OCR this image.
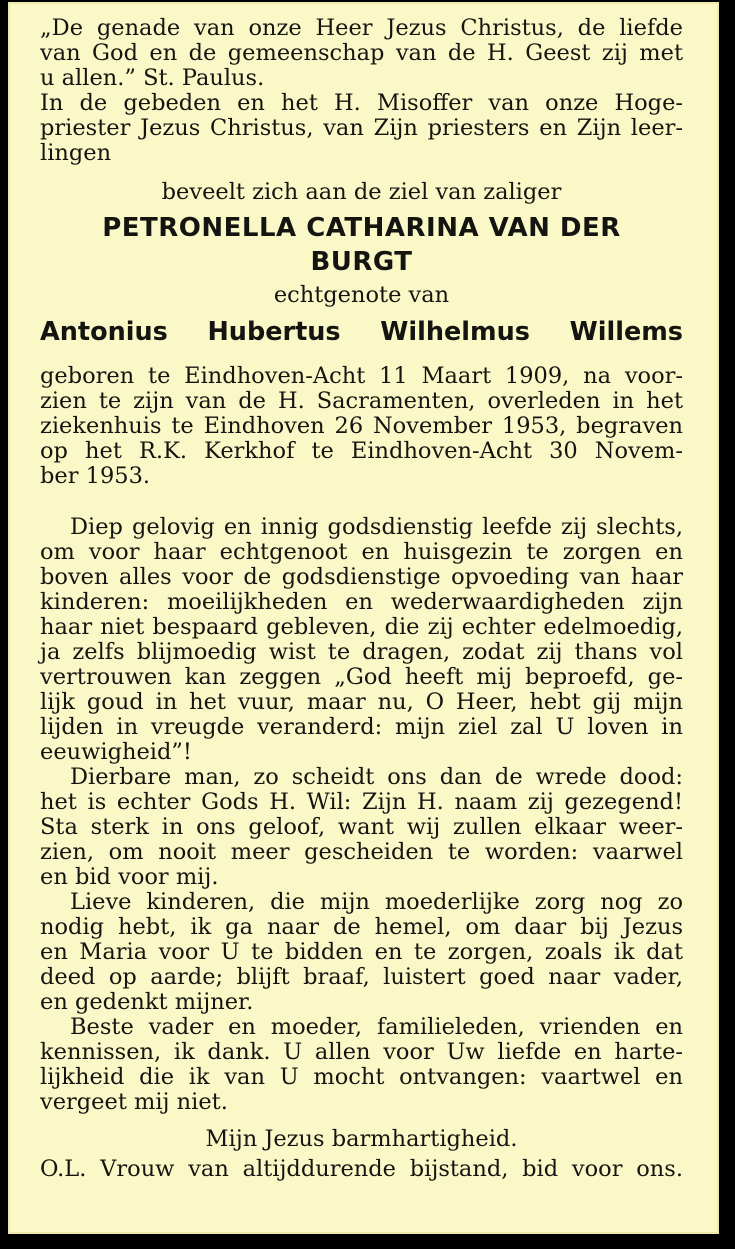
„De genade van onze Heer Jezus Christus, de liefde
van God en de gemeenschap van de H. Geest zij met
u allen.” St. Paulus.
In de gebeden en het H. Misoffer van onze Hoge-
priester Jezus Christus, van Zijn priesters en Zijn leer-
lingen
beveelt zich aan de ziel van zaliger
PETRONELLA CATHARINA VAN DER
BURGT
echtgenote van
Antonius Hubertus Wilhelmus Willems
geboren te Eindhoven-Acht 11 Maart 1909, na voor-
zien te zijn van de H. Sacramenten, overleden in het
ziekenhuis te Eindhoven 26 November 1953, begraven
op het R.K. Kerkhof te Eindhoven-Acht 30 Novem-
ber 1953.
Diep gelovig en innig godsdienstig leefde zij slechts,
om voor haar echtgenoot en huisgezin te zorgen en
boven alles voor de godsdienstige opvoeding van haar
kinderen: moeilijkheden en wederwaardigheden zijn
haar niet bespaard gebleven, die zij echter edelmoedig,
ja zelfs blijmoedig wist te dragen, zodat zij thans vol
vertrouwen kan zeggen „God heeft mij beproefd, ge-
lijk goud in het vuur, maar nu, O Heer, hebt gij mijn
lijden in vreugde veranderd: mijn ziel zal U loven in
eeuwigheid”!
Dierbare man, zo scheidt ons dan de wrede dood:
het is echter Gods H. Wil: Zijn H. naam zij gezegend!
Sta sterk in ons geloof, want wij zullen elkaar weer-
zien, om nooit meer gescheiden te worden: vaarwel
en bid voor mij.
Lieve kinderen, die mijn moederlijke zorg nog zo
nodig hebt, ik ga naar de hemel, om daar bij Jezus
en Maria voor U te bidden en te zorgen, zoals ik dat
deed op aarde; blijft braaf, luistert goed naar vader,
en gedenkt mijner.
Beste vader en moeder, familieleden, vrienden en
kennissen, ik dank. U allen voor Uw liefde en harte-
lijkheid die ik van U mocht ontvangen: vaartwel en
vergeet mij niet.
Mijn Jezus barmhartigheid.
O.L. Vrouw van altijddurende bijstand, bid voor ons.
